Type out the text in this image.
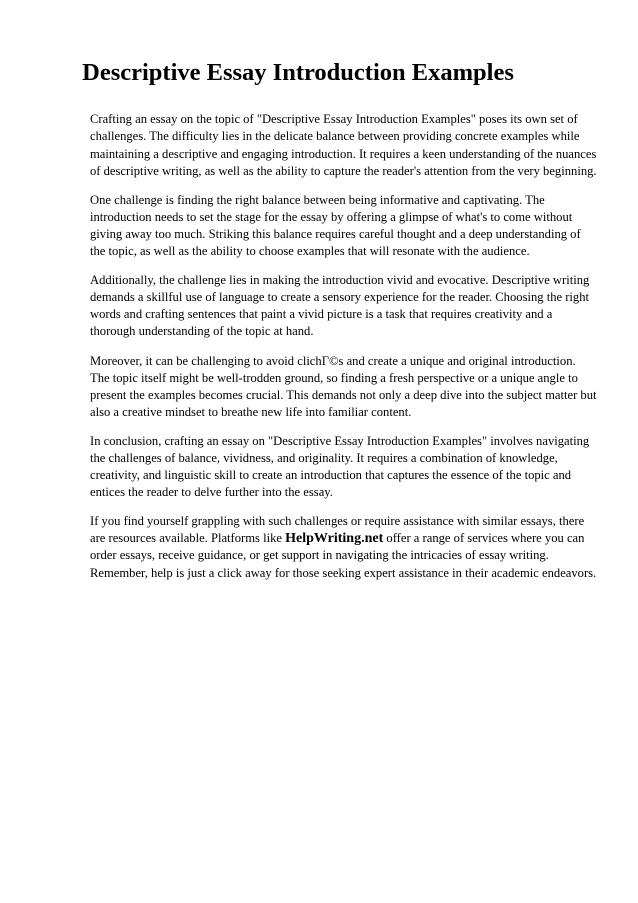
Descriptive Essay Introduction Examples

Crafting an essay on the topic of "Descriptive Essay Introduction Examples" poses its own set of challenges. The difficulty lies in the delicate balance between providing concrete examples while maintaining a descriptive and engaging introduction. It requires a keen understanding of the nuances of descriptive writing, as well as the ability to capture the reader's attention from the very beginning.

One challenge is finding the right balance between being informative and captivating. The introduction needs to set the stage for the essay by offering a glimpse of what's to come without giving away too much. Striking this balance requires careful thought and a deep understanding of the topic, as well as the ability to choose examples that will resonate with the audience.

Additionally, the challenge lies in making the introduction vivid and evocative. Descriptive writing demands a skillful use of language to create a sensory experience for the reader. Choosing the right words and crafting sentences that paint a vivid picture is a task that requires creativity and a thorough understanding of the topic at hand.

Moreover, it can be challenging to avoid clichΓ©s and create a unique and original introduction. The topic itself might be well-trodden ground, so finding a fresh perspective or a unique angle to present the examples becomes crucial. This demands not only a deep dive into the subject matter but also a creative mindset to breathe new life into familiar content.

In conclusion, crafting an essay on "Descriptive Essay Introduction Examples" involves navigating the challenges of balance, vividness, and originality. It requires a combination of knowledge, creativity, and linguistic skill to create an introduction that captures the essence of the topic and entices the reader to delve further into the essay.

If you find yourself grappling with such challenges or require assistance with similar essays, there are resources available. Platforms like HelpWriting.net offer a range of services where you can order essays, receive guidance, or get support in navigating the intricacies of essay writing. Remember, help is just a click away for those seeking expert assistance in their academic endeavors.
